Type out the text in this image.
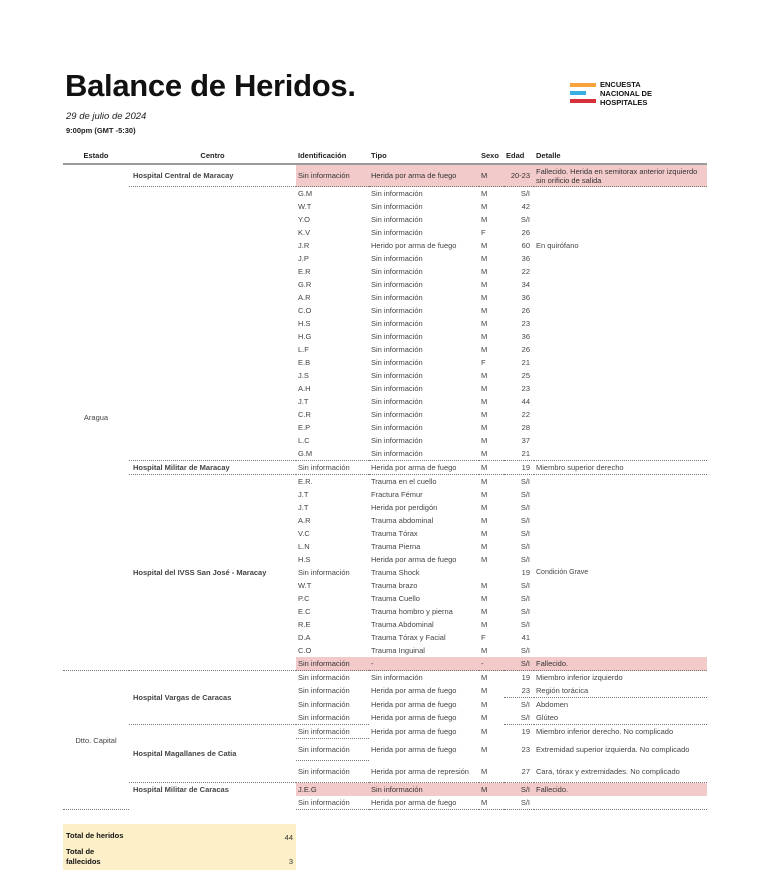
Balance de Heridos.
29 de julio de 2024
9:00pm (GMT -5:30)
ENCUESTA
NACIONAL DE
HOSPITALES
Estado	Centro	Identificación	Tipo	Sexo	Edad	Detalle
Aragua	Hospital Central de Maracay	Sin información	Herida por arma de fuego	M	20-23	Fallecido. Herida en semitorax anterior izquierdo sin orificio de salida
		G.M	Sin información	M	S/I	
		W.T	Sin información	M	42	
		Y.O	Sin información	M	S/I	
		K.V	Sin información	F	26	
		J.R	Herido por arma de fuego	M	60	En quirófano
		J.P	Sin información	M	36	
		E.R	Sin información	M	22	
		G.R	Sin información	M	34	
		A.R	Sin información	M	36	
		C.O	Sin información	M	26	
		H.S	Sin información	M	23	
		H.G	Sin información	M	36	
		L.F	Sin información	M	26	
		E.B	Sin información	F	21	
		J.S	Sin información	M	25	
		A.H	Sin información	M	23	
		J.T	Sin información	M	44	
		C.R	Sin información	M	22	
		E.P	Sin información	M	28	
		L.C	Sin información	M	37	
		G.M	Sin información	M	21	
	Hospital Militar de Maracay	Sin información	Herida por arma de fuego	M	19	Miembro superior derecho
	Hospital del IVSS San José - Maracay	E.R.	Trauma en el cuello	M	S/I	
		J.T	Fractura Fémur	M	S/I	
		J.T	Herida por perdigón	M	S/I	
		A.R	Trauma abdominal	M	S/I	
		V.C	Trauma Tórax	M	S/I	
		L.N	Trauma Pierna	M	S/I	
		H.S	Herida por arma de fuego	M	S/I	
		Sin información	Trauma Shock		19	Condición Grave
		W.T	Trauma brazo	M	S/I	
		P.C	Trauma Cuello	M	S/I	
		E.C	Trauma hombro y pierna	M	S/I	
		R.E	Trauma Abdominal	M	S/I	
		D.A	Trauma Tórax y Facial	F	41	
		C.O	Trauma Inguinal	M	S/I	
		Sin información	-	-	S/I	Fallecido.
Dtto. Capital	Hospital Vargas de Caracas	Sin información	Sin información	M	19	Miembro inferior izquierdo
		Sin información	Herida por arma de fuego	M	23	Región torácica
		Sin información	Herida por arma de fuego	M	S/I	Abdomen
		Sin información	Herida por arma de fuego	M	S/I	Glúteo
	Hospital Magallanes de Catia	Sin información	Herida por arma de fuego	M	19	Miembro inferior derecho. No complicado
		Sin información	Herida por arma de fuego	M	23	Extremidad superior izquierda. No complicado
		Sin información	Herida por arma de represión	M	27	Cara, tórax y extremidades. No complicado
	Hospital Militar de Caracas	J.E.G	Sin información	M	S/I	Fallecido.
		Sin información	Herida por arma de fuego	M	S/I	
Total de heridos	44
Total de fallecidos	3
